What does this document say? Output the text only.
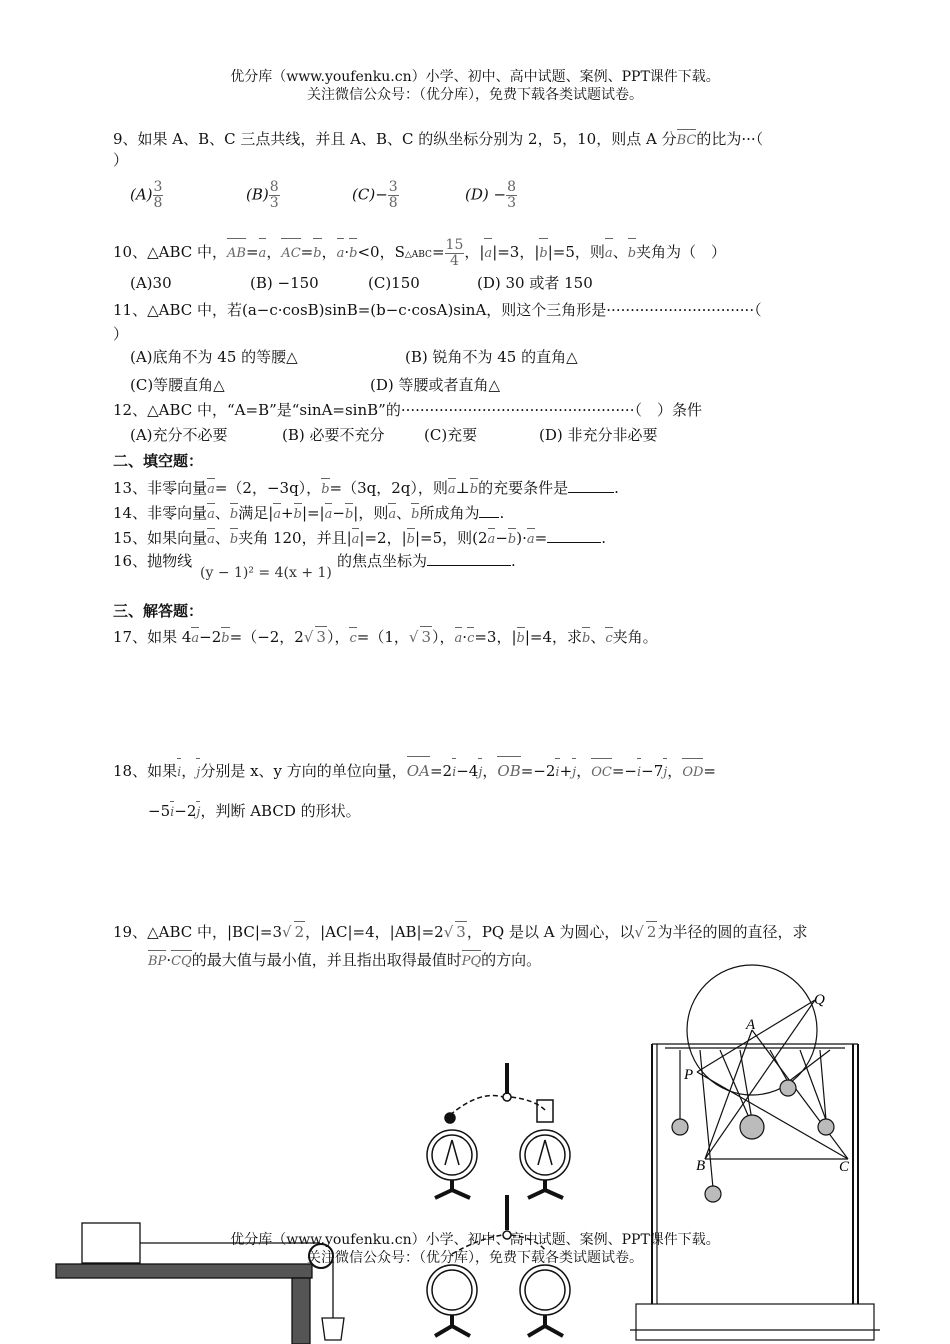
优分库（www.youfenku.cn）小学、初中、高中试题、案例、PPT课件下载。
关注微信公众号：（优分库），免费下载各类试题试卷。
9、如果 A、B、C 三点共线，并且 A、B、C 的纵坐标分别为 2，5，10，则点 A 分BC的比为···（
）
$(A) \frac{3}{8}$	$(B) \frac{8}{3}$	$(C)- \frac{3}{8}$	$(D) - \frac{8}{3}$
10、△ABC 中，AB=a，AC=b，a·b<0，S△ABC= $\frac{15}{4}$ ，|a|=3，|b|=5，则a、b夹角为（　）
(A)30	(B) −150	(C)150	(D) 30 或者 150
11、△ABC 中，若(a−c·cosB)sinB=(b−c·cosA)sinA，则这个三角形是·······························（
）
(A)底角不为 45 的等腰△	(B) 锐角不为 45 的直角△
(C)等腰直角△	(D) 等腰或者直角△
12、△ABC 中，“A=B”是“sinA=sinB”的·················································（　）条件
(A)充分不必要	(B) 必要不充分	(C)充要	(D) 非充分非必要
二、填空题：
13、非零向量a=（2，−3q），b=（3q，2q），则a⊥b的充要条件是	.
14、非零向量a、b满足|a+b|=|a−b|，则a、b所成角为 .
15、如果向量a、b夹角 120，并且|a|=2，|b|=5，则(2a−b)·a=	.
16、抛物线
(y − 1)² = 4(x + 1)
的焦点坐标为	.
三、解答题：
17、如果 4a−2b=（−2，2√ 3），c=（1，√ 3），a·c=3，|b|=4，求b、c夹角。
18、如果i，j分别是 x、y 方向的单位向量，OA=2i−4j，OB=−2i+j，OC=−i−7j，OD=
−5i−2j，判断 ABCD 的形状。
19、△ABC 中，|BC|=3√ 2，|AC|=4，|AB|=2√ 3，PQ 是以 A 为圆心，以√ 2为半径的圆的直径，求
BP·CQ的最大值与最小值，并且指出取得最值时PQ的方向。
Q
A
P
B	C
优分库（www.youfenku.cn）小学、初中、高中试题、案例、PPT课件下载。
关注微信公众号：（优分库），免费下载各类试题试卷。
